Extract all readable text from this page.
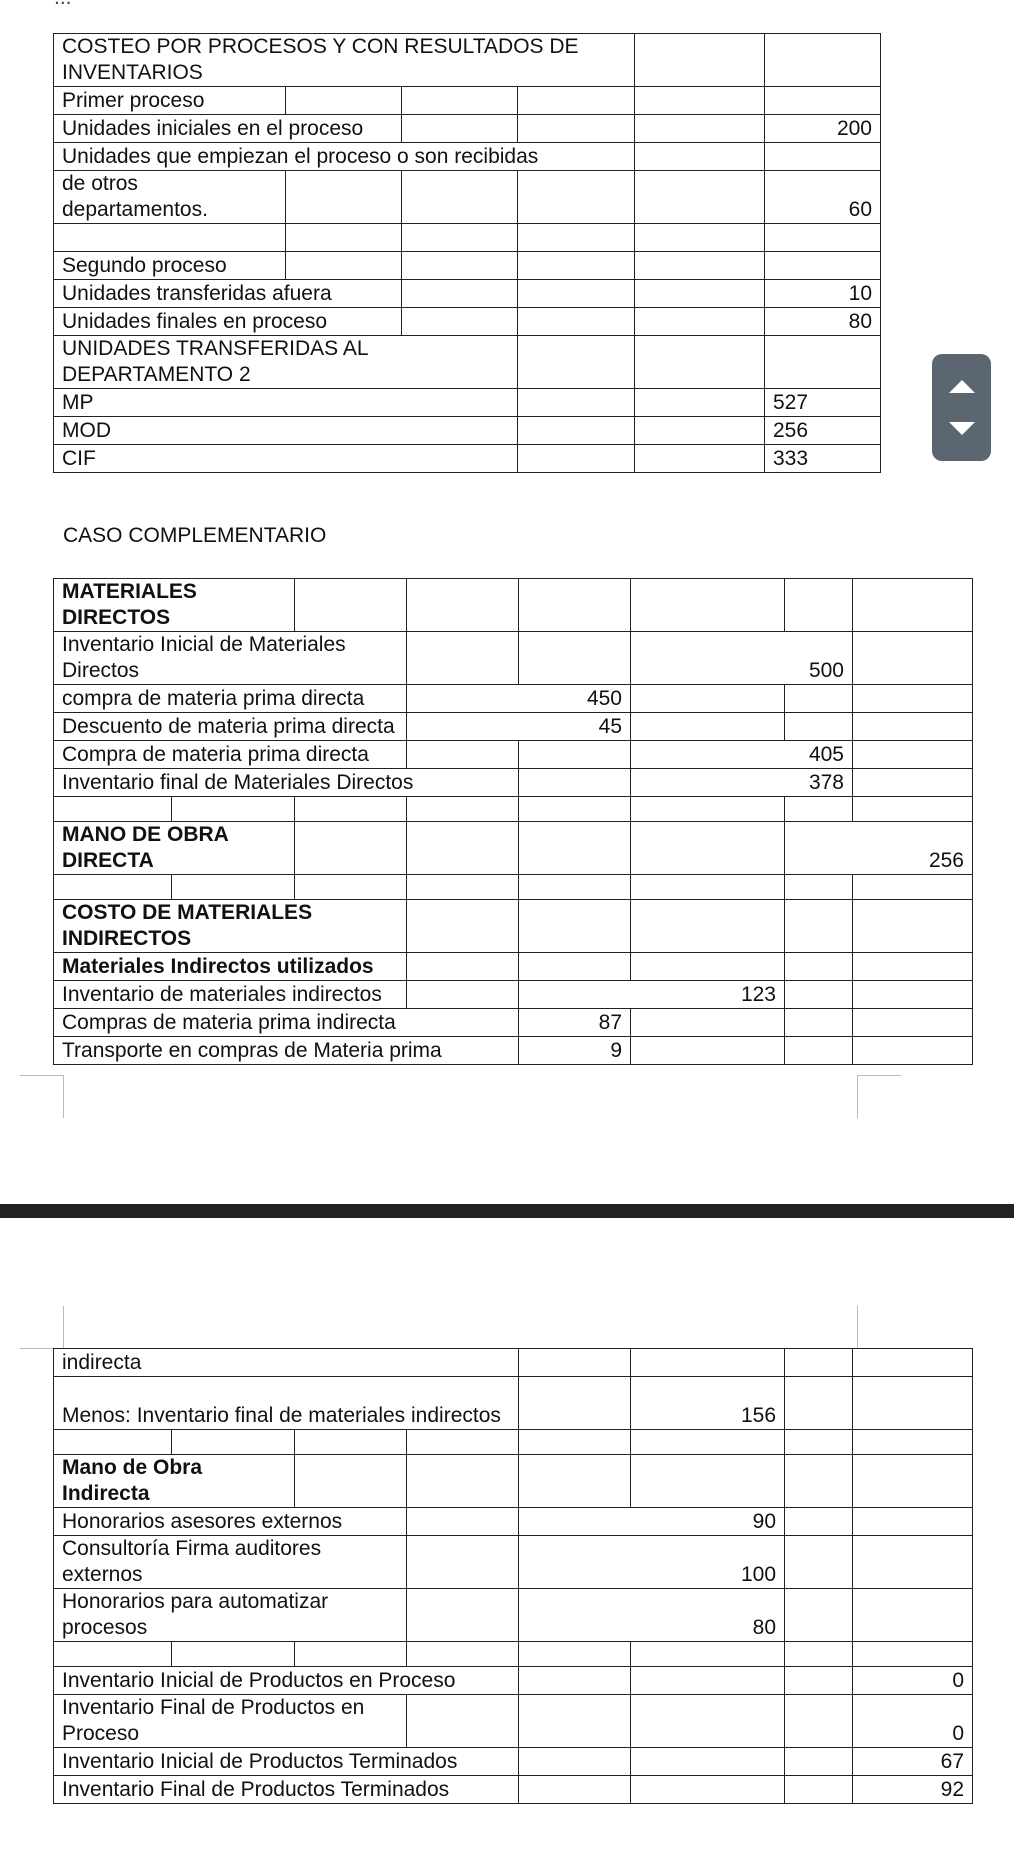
COSTEO POR PROCESOS Y CON RESULTADOS DE INVENTARIOS					
Primer proceso					
Unidades iniciales en el proceso					200
Unidades que empiezan el proceso o son recibidas					
de otros departamentos.					60

Segundo proceso					
Unidades transferidas afuera					10
Unidades finales en proceso					80
UNIDADES TRANSFERIDAS AL DEPARTAMENTO 2					
MP					527
MOD					256
CIF					333
CASO COMPLEMENTARIO
MATERIALES DIRECTOS							
Inventario Inicial de Materiales Directos					500		
compra de materia prima directa			450				
Descuento de materia prima directa			45				
Compra de materia prima directa					405		
Inventario final de Materiales Directos					378		

MANO DE OBRA DIRECTA						256	

COSTO DE MATERIALES INDIRECTOS							
Materiales Indirectos utilizados							
Inventario de materiales indirectos				123			
Compras de materia prima indirecta				87			
Transporte en compras de Materia prima				9			
indirecta							
Menos: Inventario final de materiales indirectos					156		

Mano de Obra Indirecta							
Honorarios asesores externos				90			
Consultoría Firma auditores externos				100			
Honorarios para automatizar procesos				80			

Inventario Inicial de Productos en Proceso							0
Inventario Final de Productos en Proceso							0
Inventario Inicial de Productos Terminados							67
Inventario Final de Productos Terminados							92
